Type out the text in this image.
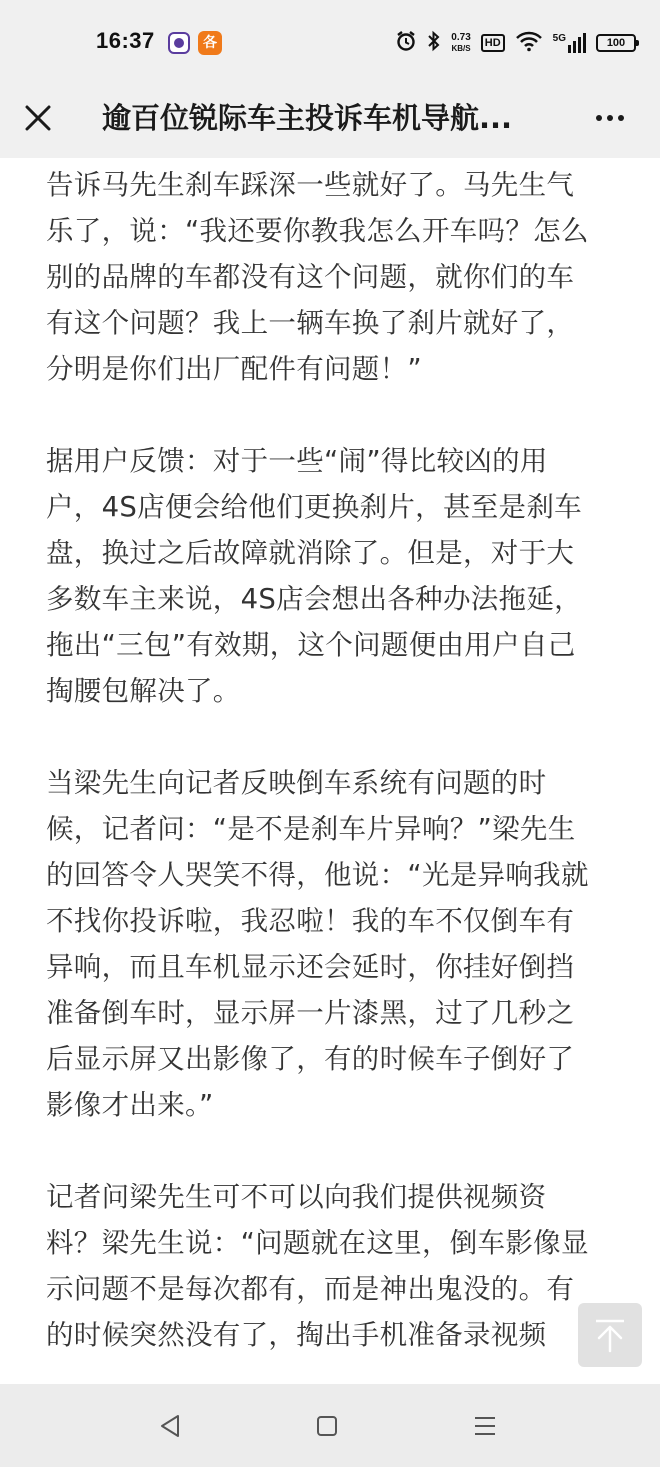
16:37	各	0.73
KB/S	HD	5G	100
逾百位锐际车主投诉车机导航...

告诉马先生刹车踩深一些就好了。马先生气
乐了，说：“我还要你教我怎么开车吗？怎么
别的品牌的车都没有这个问题，就你们的车
有这个问题？我上一辆车换了刹片就好了，
分明是你们出厂配件有问题！”

据用户反馈：对于一些“闹”得比较凶的用
户，4S店便会给他们更换刹片，甚至是刹车
盘，换过之后故障就消除了。但是，对于大
多数车主来说，4S店会想出各种办法拖延，
拖出“三包”有效期，这个问题便由用户自己
掏腰包解决了。

当梁先生向记者反映倒车系统有问题的时
候，记者问：“是不是刹车片异响？”梁先生
的回答令人哭笑不得，他说：“光是异响我就
不找你投诉啦，我忍啦！我的车不仅倒车有
异响，而且车机显示还会延时，你挂好倒挡
准备倒车时，显示屏一片漆黑，过了几秒之
后显示屏又出影像了，有的时候车子倒好了
影像才出来。”

记者问梁先生可不可以向我们提供视频资
料？梁先生说：“问题就在这里，倒车影像显
示问题不是每次都有，而是神出鬼没的。有
的时候突然没有了，掏出手机准备录视频
